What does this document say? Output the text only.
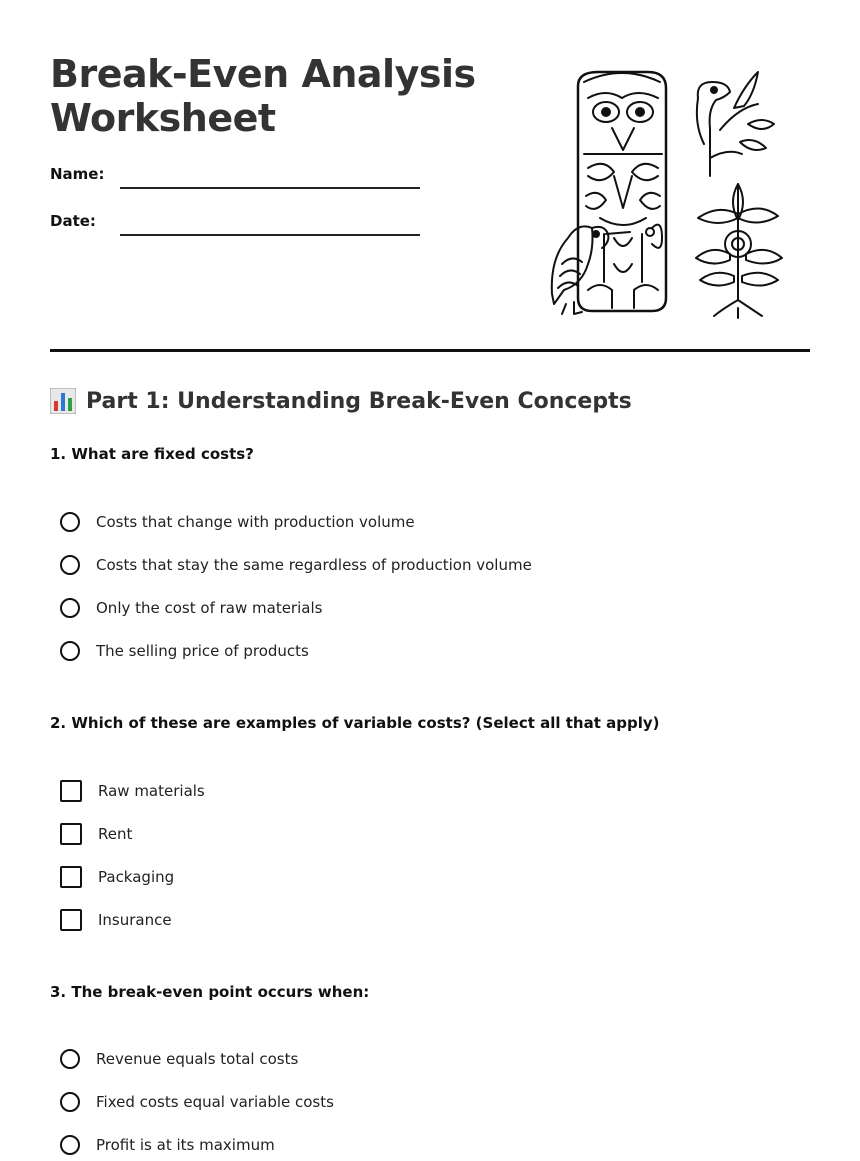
Break-Even Analysis
Worksheet
Name:
Date:
Part 1: Understanding Break-Even Concepts

1. What are fixed costs?

Costs that change with production volume
Costs that stay the same regardless of production volume
Only the cost of raw materials
The selling price of products

2. Which of these are examples of variable costs? (Select all that apply)

Raw materials
Rent
Packaging
Insurance

3. The break-even point occurs when:

Revenue equals total costs
Fixed costs equal variable costs
Profit is at its maximum
